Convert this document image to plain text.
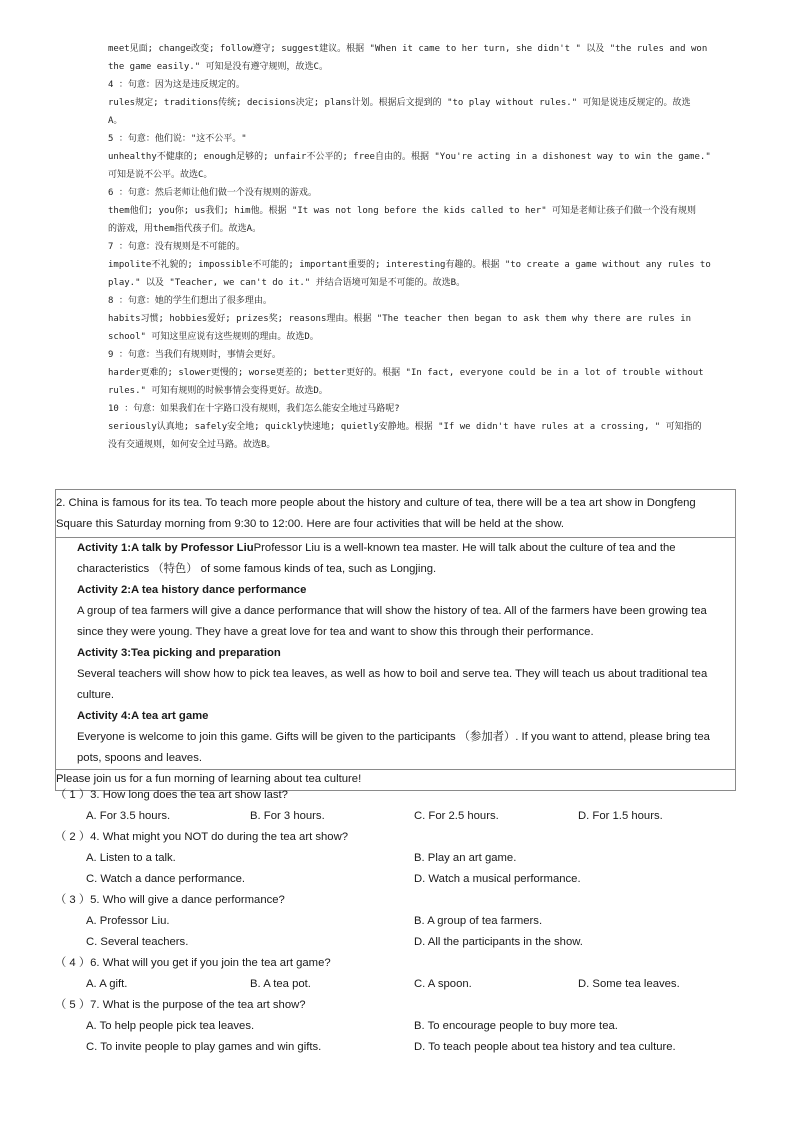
meet见面; change改变; follow遵守; suggest建议。根据 "When it came to her turn, she didn't " 以及 "the rules and won

the game easily." 可知是没有遵守规则，故选C。

4 ：句意：因为这是违反规定的。

rules规定; traditions传统; decisions决定; plans计划。根据后文提到的 "to play without rules." 可知是说违反规定的。故选

A。

5 ：句意：他们说："这不公平。"

unhealthy不健康的; enough足够的; unfair不公平的; free自由的。根据 "You're acting in a dishonest way to win the game."

可知是说不公平。故选C。

6 ：句意：然后老师让他们做一个没有规则的游戏。

them他们; you你; us我们; him他。根据 "It was not long before the kids called to her" 可知是老师让孩子们做一个没有规则

的游戏，用them指代孩子们。故选A。

7 ：句意：没有规则是不可能的。

impolite不礼貌的; impossible不可能的; important重要的; interesting有趣的。根据 "to create a game without any rules to

play." 以及 "Teacher, we can't do it." 并结合语境可知是不可能的。故选B。

8 ：句意：她的学生们想出了很多理由。

habits习惯; hobbies爱好; prizes奖; reasons理由。根据 "The teacher then began to ask them why there are rules in

school" 可知这里应说有这些规则的理由。故选D。

9 ：句意：当我们有规则时，事情会更好。

harder更难的; slower更慢的; worse更差的; better更好的。根据 "In fact, everyone could be in a lot of trouble without

rules." 可知有规则的时候事情会变得更好。故选D。

10 ：句意：如果我们在十字路口没有规则，我们怎么能安全地过马路呢?

seriously认真地; safely安全地; quickly快速地; quietly安静地。根据 "If we didn't have rules at a crossing, " 可知指的

没有交通规则，如何安全过马路。故选B。

2. China is famous for its tea. To teach more people about the history and culture of tea, there will be a tea art show in Dongfeng Square this Saturday morning from 9:30 to 12:00. Here are four activities that will be held at the show.

Activity 1:A talk by Professor LiuProfessor Liu is a well-known tea master. He will talk about the culture of tea and the characteristics （特色） of some famous kinds of tea, such as Longjing.

Activity 2:A tea history dance performance

A group of tea farmers will give a dance performance that will show the history of tea. All of the farmers have been growing tea since they were young. They have a great love for tea and want to show this through their performance.

Activity 3:Tea picking and preparation

Several teachers will show how to pick tea leaves, as well as how to boil and serve tea. They will teach us about traditional tea culture.

Activity 4:A tea art game

Everyone is welcome to join this game. Gifts will be given to the participants （参加者）. If you want to attend, please bring tea pots, spoons and leaves.

Please join us for a fun morning of learning about tea culture!
（ 1 ）3. How long does the tea art show last?
A. For 3.5 hours.	B. For 3 hours.	C. For 2.5 hours.	D. For 1.5 hours.
（ 2 ）4. What might you NOT do during the tea art show?
A. Listen to a talk.	B. Play an art game.
C. Watch a dance performance.	D. Watch a musical performance.
（ 3 ）5. Who will give a dance performance?
A. Professor Liu.	B. A group of tea farmers.
C. Several teachers.	D. All the participants in the show.
（ 4 ）6. What will you get if you join the tea art game?
A. A gift.	B. A tea pot.	C. A spoon.	D. Some tea leaves.
（ 5 ）7. What is the purpose of the tea art show?
A. To help people pick tea leaves.	B. To encourage people to buy more tea.
C. To invite people to play games and win gifts.	D. To teach people about tea history and tea culture.
